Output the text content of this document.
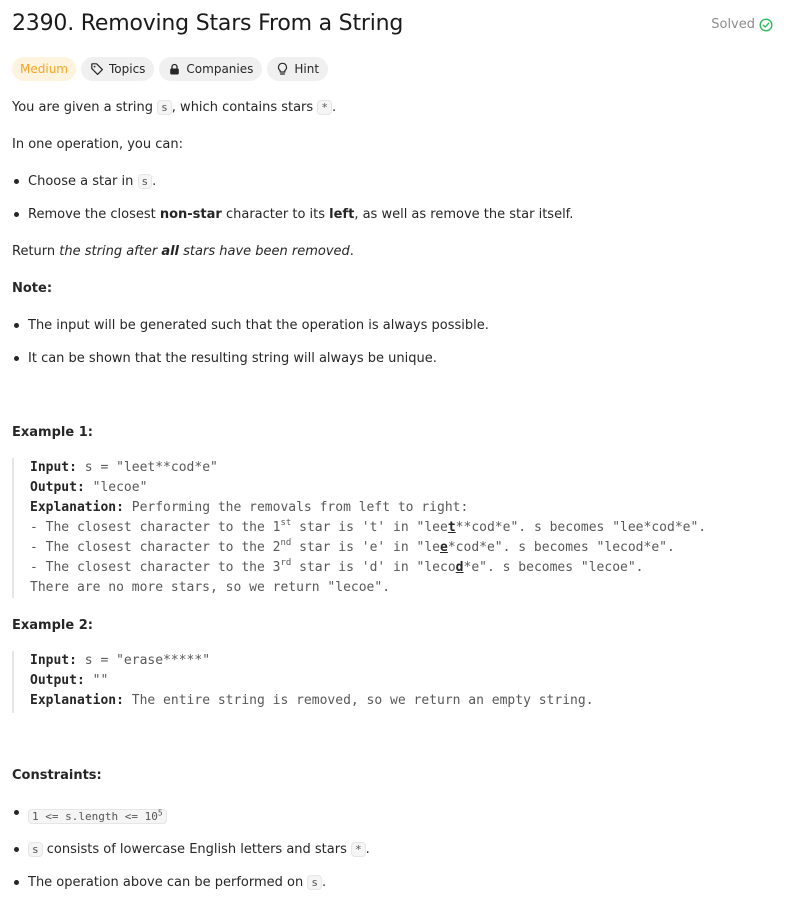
2390. Removing Stars From a String	Solved
Medium	Topics	Companies	Hint

You are given a string s , which contains stars * .

In one operation, you can:

Choose a star in s .
Remove the closest non-star character to its left, as well as remove the star itself.

Return the string after all stars have been removed.

Note:

The input will be generated such that the operation is always possible.
It can be shown that the resulting string will always be unique.

Example 1:

Input: s = "leet**cod*e"
Output: "lecoe"
Explanation: Performing the removals from left to right:
- The closest character to the 1st star is 't' in "leet**cod*e". s becomes "lee*cod*e".
- The closest character to the 2nd star is 'e' in "lee*cod*e". s becomes "lecod*e".
- The closest character to the 3rd star is 'd' in "lecod*e". s becomes "lecoe".
There are no more stars, so we return "lecoe".

Example 2:

Input: s = "erase*****"
Output: ""
Explanation: The entire string is removed, so we return an empty string.

Constraints:

1 <= s.length <= $10^5$
s consists of lowercase English letters and stars * .
The operation above can be performed on s .
